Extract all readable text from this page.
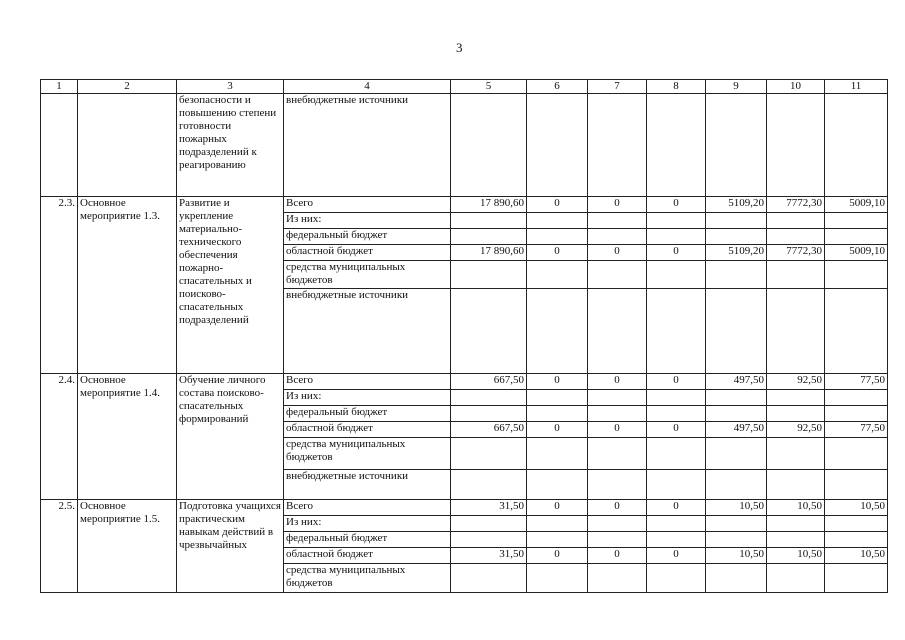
3
1	2	3	4	5	6	7	8	9	10	11
		безопасности и повышению степени готовности пожарных подразделений к реагированию	внебюджетные источники							
2.3.	Основное мероприятие 1.3.	Развитие и укрепление материально-технического обеспечения пожарно-спасательных и поисково-спасательных подразделений	Всего	17 890,60	0	0	0	5109,20	7772,30	5009,10
			Из них:							
			федеральный бюджет							
			областной бюджет	17 890,60	0	0	0	5109,20	7772,30	5009,10
			средства муниципальных бюджетов							
			внебюджетные источники							
2.4.	Основное мероприятие 1.4.	Обучение личного состава поисково-спасательных формирований	Всего	667,50	0	0	0	497,50	92,50	77,50
			Из них:							
			федеральный бюджет							
			областной бюджет	667,50	0	0	0	497,50	92,50	77,50
			средства муниципальных бюджетов							
			внебюджетные источники							
2.5.	Основное мероприятие 1.5.	Подготовка учащихся практическим навыкам действий в чрезвычайных	Всего	31,50	0	0	0	10,50	10,50	10,50
			Из них:							
			федеральный бюджет							
			областной бюджет	31,50	0	0	0	10,50	10,50	10,50
			средства муниципальных бюджетов							
